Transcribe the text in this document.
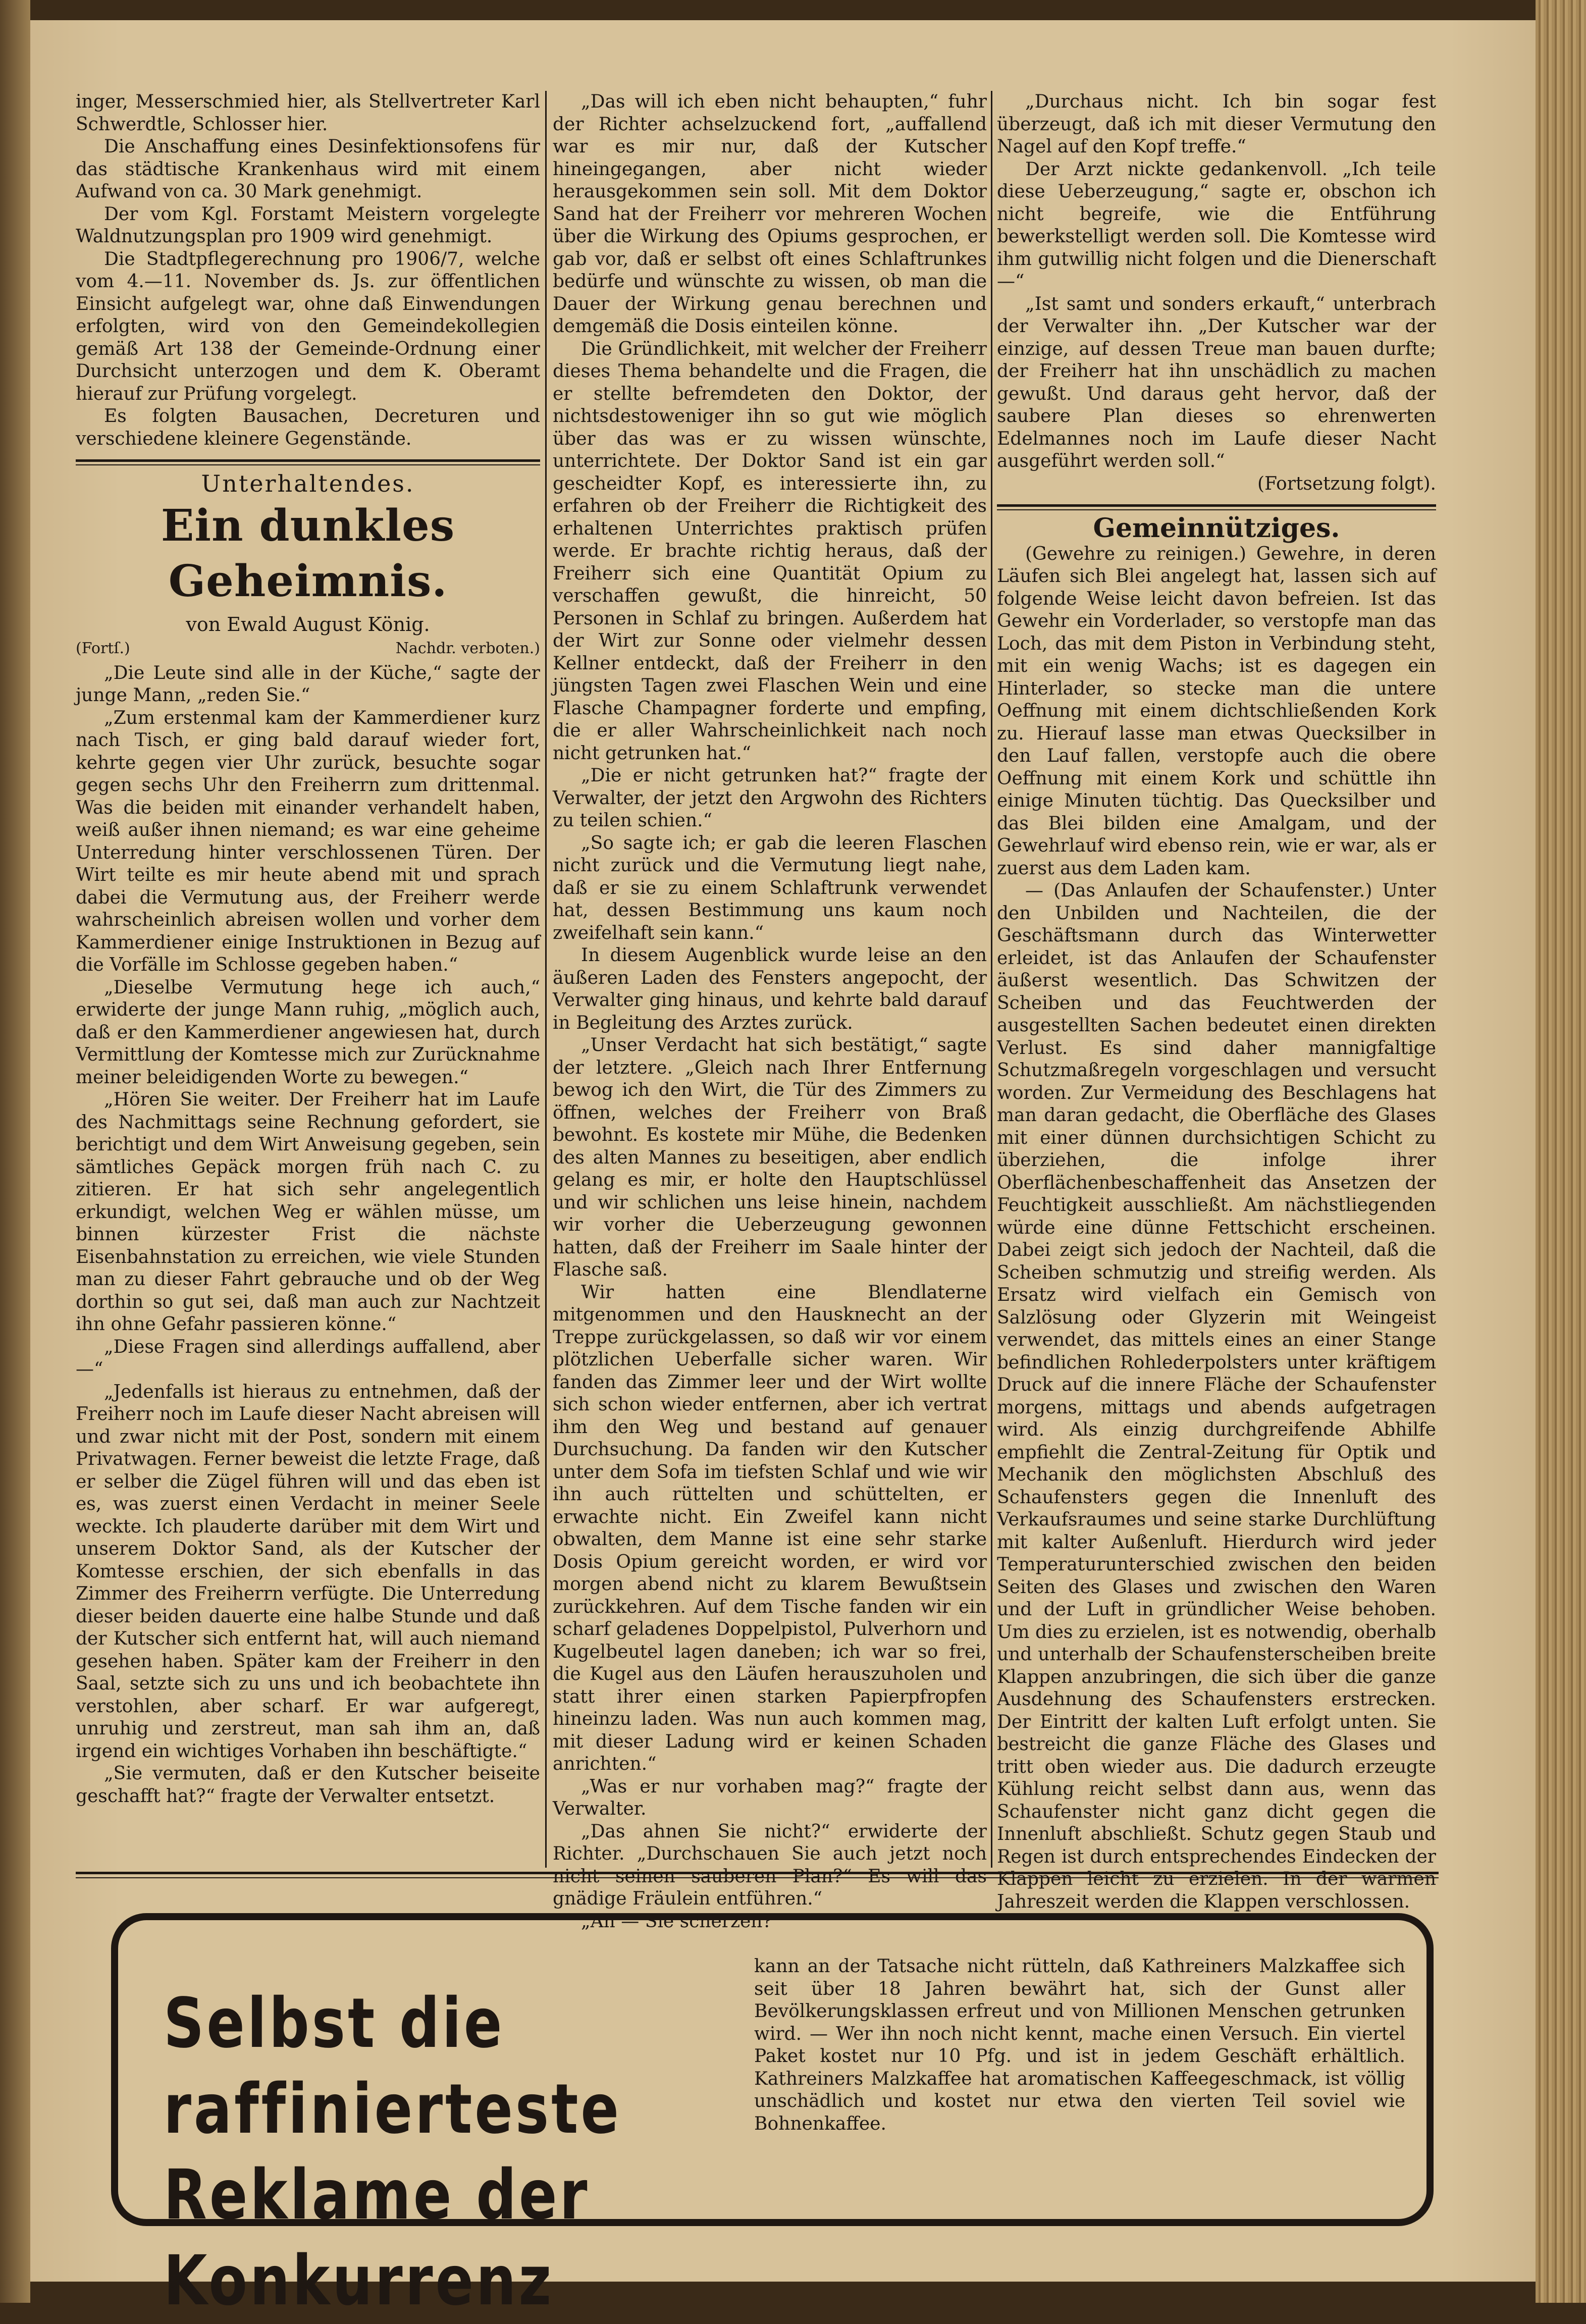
inger, Messerschmied hier, als Stellvertreter Karl Schwerdtle, Schlosser hier.

Die Anschaffung eines Desinfektionsofens für das städtische Krankenhaus wird mit einem Aufwand von ca. 30 Mark genehmigt.

Der vom Kgl. Forstamt Meistern vorgelegte Waldnutzungsplan pro 1909 wird genehmigt.

Die Stadtpflegerechnung pro 1906/7, welche vom 4.—11. November ds. Js. zur öffentlichen Einsicht aufgelegt war, ohne daß Einwendungen erfolgten, wird von den Gemeindekollegien gemäß Art 138 der Gemeinde-Ordnung einer Durchsicht unterzogen und dem K. Oberamt hierauf zur Prüfung vorgelegt.

Es folgten Bausachen, Decreturen und verschiedene kleinere Gegenstände.

Unterhaltendes.
Ein dunkles Geheimnis.
von Ewald August König.
(Fortſ.)	Nachdr. verboten.)

„Die Leute sind alle in der Küche,“ sagte der junge Mann, „reden Sie.“

„Zum erstenmal kam der Kammerdiener kurz nach Tisch, er ging bald darauf wieder fort, kehrte gegen vier Uhr zurück, besuchte sogar gegen sechs Uhr den Freiherrn zum drittenmal. Was die beiden mit einander verhandelt haben, weiß außer ihnen niemand; es war eine geheime Unterredung hinter verschlossenen Türen. Der Wirt teilte es mir heute abend mit und sprach dabei die Vermutung aus, der Freiherr werde wahrscheinlich abreisen wollen und vorher dem Kammerdiener einige Instruktionen in Bezug auf die Vorfälle im Schlosse gegeben haben.“

„Dieselbe Vermutung hege ich auch,“ erwiderte der junge Mann ruhig, „möglich auch, daß er den Kammerdiener angewiesen hat, durch Vermittlung der Komtesse mich zur Zurücknahme meiner beleidigenden Worte zu bewegen.“

„Hören Sie weiter. Der Freiherr hat im Laufe des Nachmittags seine Rechnung gefordert, sie berichtigt und dem Wirt Anweisung gegeben, sein sämtliches Gepäck morgen früh nach C. zu zitieren. Er hat sich sehr angelegentlich erkundigt, welchen Weg er wählen müsse, um binnen kürzester Frist die nächste Eisenbahnstation zu erreichen, wie viele Stunden man zu dieser Fahrt gebrauche und ob der Weg dorthin so gut sei, daß man auch zur Nachtzeit ihn ohne Gefahr passieren könne.“

„Diese Fragen sind allerdings auffallend, aber —“

„Jedenfalls ist hieraus zu entnehmen, daß der Freiherr noch im Laufe dieser Nacht abreisen will und zwar nicht mit der Post, sondern mit einem Privatwagen. Ferner beweist die letzte Frage, daß er selber die Zügel führen will und das eben ist es, was zuerst einen Verdacht in meiner Seele weckte. Ich plauderte darüber mit dem Wirt und unserem Doktor Sand, als der Kutscher der Komtesse erschien, der sich ebenfalls in das Zimmer des Freiherrn verfügte. Die Unterredung dieser beiden dauerte eine halbe Stunde und daß der Kutscher sich entfernt hat, will auch niemand gesehen haben. Später kam der Freiherr in den Saal, setzte sich zu uns und ich beobachtete ihn verstohlen, aber scharf. Er war aufgeregt, unruhig und zerstreut, man sah ihm an, daß irgend ein wichtiges Vorhaben ihn beschäftigte.“

„Sie vermuten, daß er den Kutscher beiseite geschafft hat?“ fragte der Verwalter entsetzt.

„Das will ich eben nicht behaupten,“ fuhr der Richter achselzuckend fort, „auffallend war es mir nur, daß der Kutscher hineingegangen, aber nicht wieder herausgekommen sein soll. Mit dem Doktor Sand hat der Freiherr vor mehreren Wochen über die Wirkung des Opiums gesprochen, er gab vor, daß er selbst oft eines Schlaftrunkes bedürfe und wünschte zu wissen, ob man die Dauer der Wirkung genau berechnen und demgemäß die Dosis einteilen könne.

Die Gründlichkeit, mit welcher der Freiherr dieses Thema behandelte und die Fragen, die er stellte befremdeten den Doktor, der nichtsdestoweniger ihn so gut wie möglich über das was er zu wissen wünschte, unterrichtete. Der Doktor Sand ist ein gar gescheidter Kopf, es interessierte ihn, zu erfahren ob der Freiherr die Richtigkeit des erhaltenen Unterrichtes praktisch prüfen werde. Er brachte richtig heraus, daß der Freiherr sich eine Quantität Opium zu verschaffen gewußt, die hinreicht, 50 Personen in Schlaf zu bringen. Außerdem hat der Wirt zur Sonne oder vielmehr dessen Kellner entdeckt, daß der Freiherr in den jüngsten Tagen zwei Flaschen Wein und eine Flasche Champagner forderte und empfing, die er aller Wahrscheinlichkeit nach noch nicht getrunken hat.“

„Die er nicht getrunken hat?“ fragte der Verwalter, der jetzt den Argwohn des Richters zu teilen schien.“

„So sagte ich; er gab die leeren Flaschen nicht zurück und die Vermutung liegt nahe, daß er sie zu einem Schlaftrunk verwendet hat, dessen Bestimmung uns kaum noch zweifelhaft sein kann.“

In diesem Augenblick wurde leise an den äußeren Laden des Fensters angepocht, der Verwalter ging hinaus, und kehrte bald darauf in Begleitung des Arztes zurück.

„Unser Verdacht hat sich bestätigt,“ sagte der letztere. „Gleich nach Ihrer Entfernung bewog ich den Wirt, die Tür des Zimmers zu öffnen, welches der Freiherr von Braß bewohnt. Es kostete mir Mühe, die Bedenken des alten Mannes zu beseitigen, aber endlich gelang es mir, er holte den Hauptschlüssel und wir schlichen uns leise hinein, nachdem wir vorher die Ueberzeugung gewonnen hatten, daß der Freiherr im Saale hinter der Flasche saß.

Wir hatten eine Blendlaterne mitgenommen und den Hausknecht an der Treppe zurückgelassen, so daß wir vor einem plötzlichen Ueberfalle sicher waren. Wir fanden das Zimmer leer und der Wirt wollte sich schon wieder entfernen, aber ich vertrat ihm den Weg und bestand auf genauer Durchsuchung. Da fanden wir den Kutscher unter dem Sofa im tiefsten Schlaf und wie wir ihn auch rüttelten und schüttelten, er erwachte nicht. Ein Zweifel kann nicht obwalten, dem Manne ist eine sehr starke Dosis Opium gereicht worden, er wird vor morgen abend nicht zu klarem Bewußtsein zurückkehren. Auf dem Tische fanden wir ein scharf geladenes Doppelpistol, Pulverhorn und Kugelbeutel lagen daneben; ich war so frei, die Kugel aus den Läufen herauszuholen und statt ihrer einen starken Papierpfropfen hineinzu laden. Was nun auch kommen mag, mit dieser Ladung wird er keinen Schaden anrichten.“

„Was er nur vorhaben mag?“ fragte der Verwalter.

„Das ahnen Sie nicht?“ erwiderte der Richter. „Durchschauen Sie auch jetzt noch nicht seinen sauberen Plan?“ Es will das gnädige Fräulein entführen.“

„Ah — Sie scherzen?“

„Durchaus nicht. Ich bin sogar fest überzeugt, daß ich mit dieser Vermutung den Nagel auf den Kopf treffe.“

Der Arzt nickte gedankenvoll. „Ich teile diese Ueberzeugung,“ sagte er, obschon ich nicht begreife, wie die Entführung bewerkstelligt werden soll. Die Komtesse wird ihm gutwillig nicht folgen und die Dienerschaft —“

„Ist samt und sonders erkauft,“ unterbrach der Verwalter ihn. „Der Kutscher war der einzige, auf dessen Treue man bauen durfte; der Freiherr hat ihn unschädlich zu machen gewußt. Und daraus geht hervor, daß der saubere Plan dieses so ehrenwerten Edelmannes noch im Laufe dieser Nacht ausgeführt werden soll.“

(Fortsetzung folgt).
Gemeinnütziges.

(Gewehre zu reinigen.) Gewehre, in deren Läufen sich Blei angelegt hat, lassen sich auf folgende Weise leicht davon befreien. Ist das Gewehr ein Vorderlader, so verstopfe man das Loch, das mit dem Piston in Verbindung steht, mit ein wenig Wachs; ist es dagegen ein Hinterlader, so stecke man die untere Oeffnung mit einem dichtschließenden Kork zu. Hierauf lasse man etwas Quecksilber in den Lauf fallen, verstopfe auch die obere Oeffnung mit einem Kork und schüttle ihn einige Minuten tüchtig. Das Quecksilber und das Blei bilden eine Amalgam, und der Gewehrlauf wird ebenso rein, wie er war, als er zuerst aus dem Laden kam.

— (Das Anlaufen der Schaufenster.) Unter den Unbilden und Nachteilen, die der Geschäftsmann durch das Winterwetter erleidet, ist das Anlaufen der Schaufenster äußerst wesentlich. Das Schwitzen der Scheiben und das Feuchtwerden der ausgestellten Sachen bedeutet einen direkten Verlust. Es sind daher mannigfaltige Schutzmaßregeln vorgeschlagen und versucht worden. Zur Vermeidung des Beschlagens hat man daran gedacht, die Oberfläche des Glases mit einer dünnen durchsichtigen Schicht zu überziehen, die infolge ihrer Oberflächenbeschaffenheit das Ansetzen der Feuchtigkeit ausschließt. Am nächstliegenden würde eine dünne Fettschicht erscheinen. Dabei zeigt sich jedoch der Nachteil, daß die Scheiben schmutzig und streifig werden. Als Ersatz wird vielfach ein Gemisch von Salzlösung oder Glyzerin mit Weingeist verwendet, das mittels eines an einer Stange befindlichen Rohlederpolsters unter kräftigem Druck auf die innere Fläche der Schaufenster morgens, mittags und abends aufgetragen wird. Als einzig durchgreifende Abhilfe empfiehlt die Zentral-Zeitung für Optik und Mechanik den möglichsten Abschluß des Schaufensters gegen die Innenluft des Verkaufsraumes und seine starke Durchlüftung mit kalter Außenluft. Hierdurch wird jeder Temperaturunterschied zwischen den beiden Seiten des Glases und zwischen den Waren und der Luft in gründlicher Weise behoben. Um dies zu erzielen, ist es notwendig, oberhalb und unterhalb der Schaufensterscheiben breite Klappen anzubringen, die sich über die ganze Ausdehnung des Schaufensters erstrecken. Der Eintritt der kalten Luft erfolgt unten. Sie bestreicht die ganze Fläche des Glases und tritt oben wieder aus. Die dadurch erzeugte Kühlung reicht selbst dann aus, wenn das Schaufenster nicht ganz dicht gegen die Innenluft abschließt. Schutz gegen Staub und Regen ist durch entsprechendes Eindecken der Klappen leicht zu erzielen. In der warmen Jahreszeit werden die Klappen verschlossen.

Selbst die raffinierteste
Reklame der Konkurrenz
kann an der Tatsache nicht rütteln, daß Kathreiners Malzkaffee sich seit über 18 Jahren bewährt hat, sich der Gunst aller Bevölkerungsklassen erfreut und von Millionen Menschen getrunken wird. — Wer ihn noch nicht kennt, mache einen Versuch. Ein viertel Paket kostet nur 10 Pfg. und ist in jedem Geschäft erhältlich. Kathreiners Malzkaffee hat aromatischen Kaffeegeschmack, ist völlig unschädlich und kostet nur etwa den vierten Teil soviel wie Bohnenkaffee.
